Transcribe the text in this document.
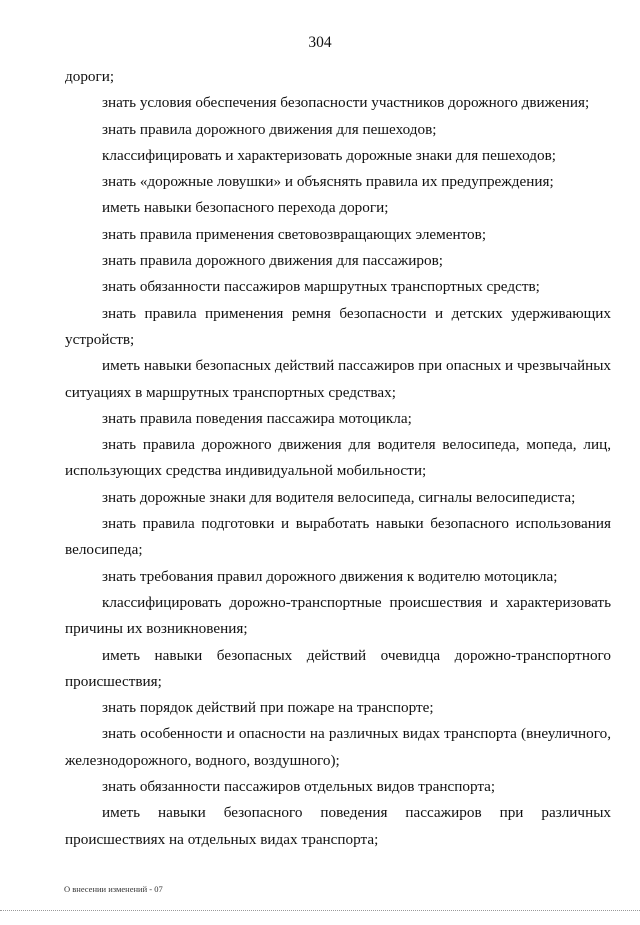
304

дороги;

знать условия обеспечения безопасности участников дорожного движения;

знать правила дорожного движения для пешеходов;

классифицировать и характеризовать дорожные знаки для пешеходов;

знать «дорожные ловушки» и объяснять правила их предупреждения;

иметь навыки безопасного перехода дороги;

знать правила применения световозвращающих элементов;

знать правила дорожного движения для пассажиров;

знать обязанности пассажиров маршрутных транспортных средств;

знать правила применения ремня безопасности и детских удерживающих устройств;

иметь навыки безопасных действий пассажиров при опасных и чрезвычайных ситуациях в маршрутных транспортных средствах;

знать правила поведения пассажира мотоцикла;

знать правила дорожного движения для водителя велосипеда, мопеда, лиц, использующих средства индивидуальной мобильности;

знать дорожные знаки для водителя велосипеда, сигналы велосипедиста;

знать правила подготовки и выработать навыки безопасного использования велосипеда;

знать требования правил дорожного движения к водителю мотоцикла;

классифицировать дорожно-транспортные происшествия и характеризовать причины их возникновения;

иметь навыки безопасных действий очевидца дорожно-транспортного происшествия;

знать порядок действий при пожаре на транспорте;

знать особенности и опасности на различных видах транспорта (внеуличного, железнодорожного, водного, воздушного);

знать обязанности пассажиров отдельных видов транспорта;

иметь навыки безопасного поведения пассажиров при различных происшествиях на отдельных видах транспорта;

О внесении изменений - 07
